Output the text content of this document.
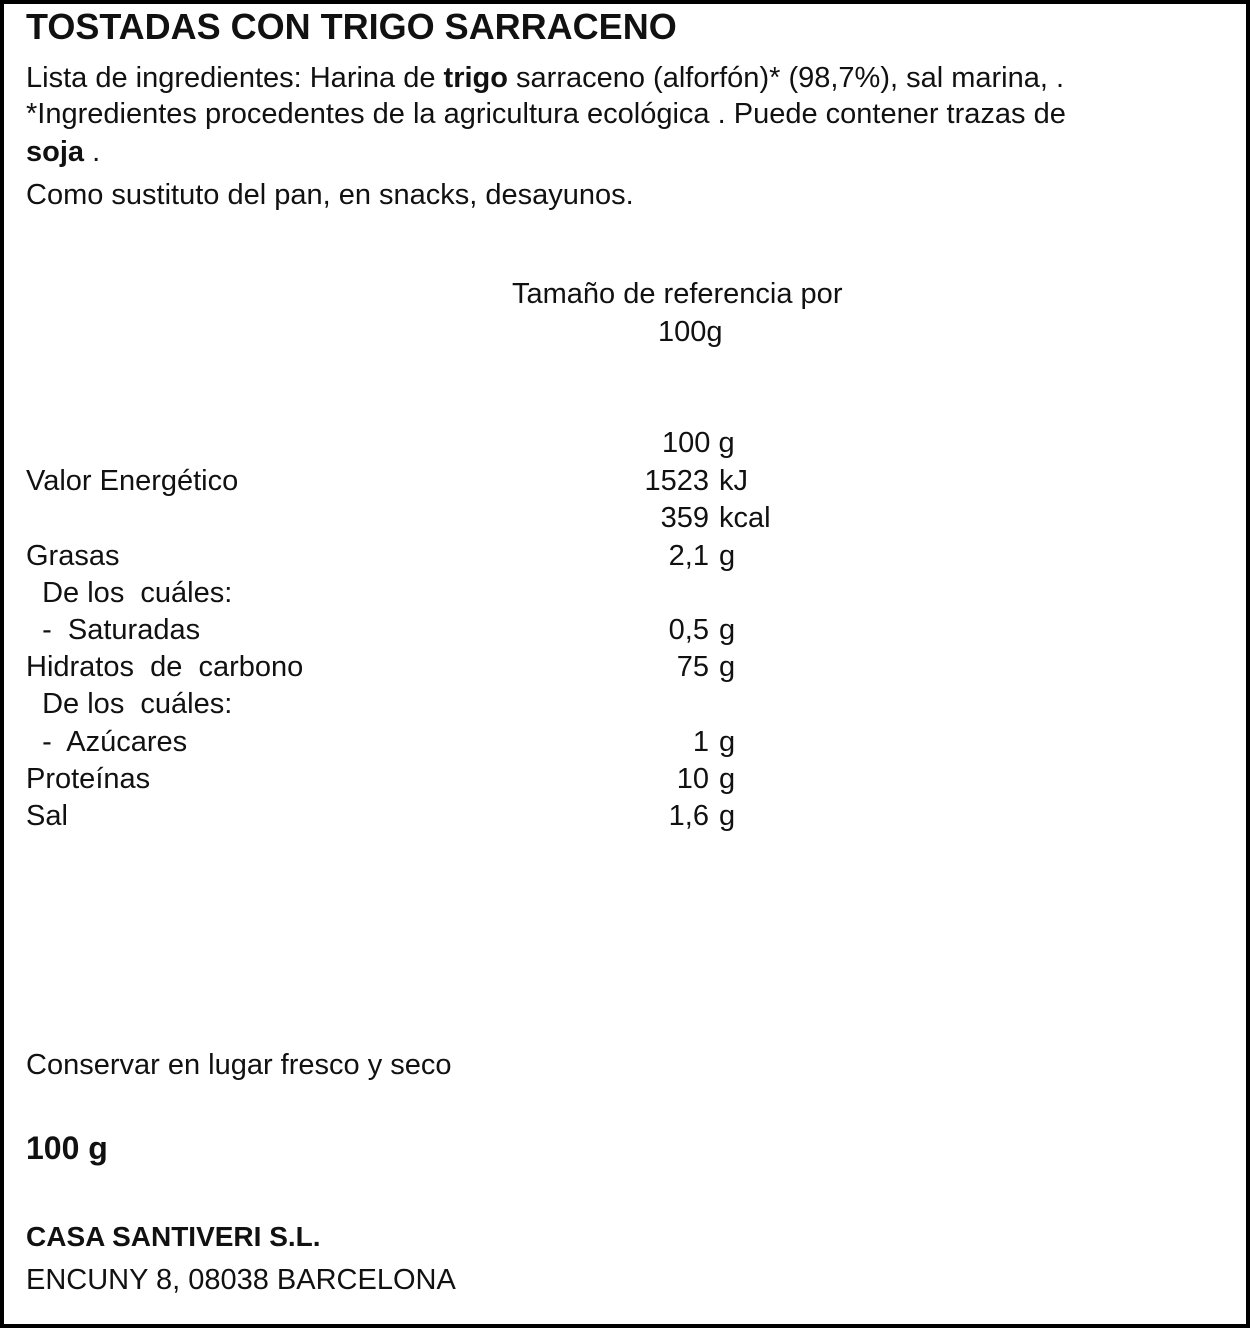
TOSTADAS CON TRIGO SARRACENO
Lista de ingredientes: Harina de trigo sarraceno (alforfón)* (98,7%), sal marina, .
*Ingredientes procedentes de la agricultura ecológica . Puede contener trazas de
soja .
Como sustituto del pan, en snacks, desayunos.
Tamaño de referencia por
100g
100 g
Valor Energético	1523 kJ
359 kcal
Grasas	2,1 g
De los  cuáles:
-  Saturadas	0,5 g
Hidratos  de  carbono	75 g
De los  cuáles:
-  Azúcares	1 g
Proteínas	10 g
Sal	1,6 g
Conservar en lugar fresco y seco
100 g
CASA SANTIVERI S.L.
ENCUNY 8, 08038 BARCELONA
